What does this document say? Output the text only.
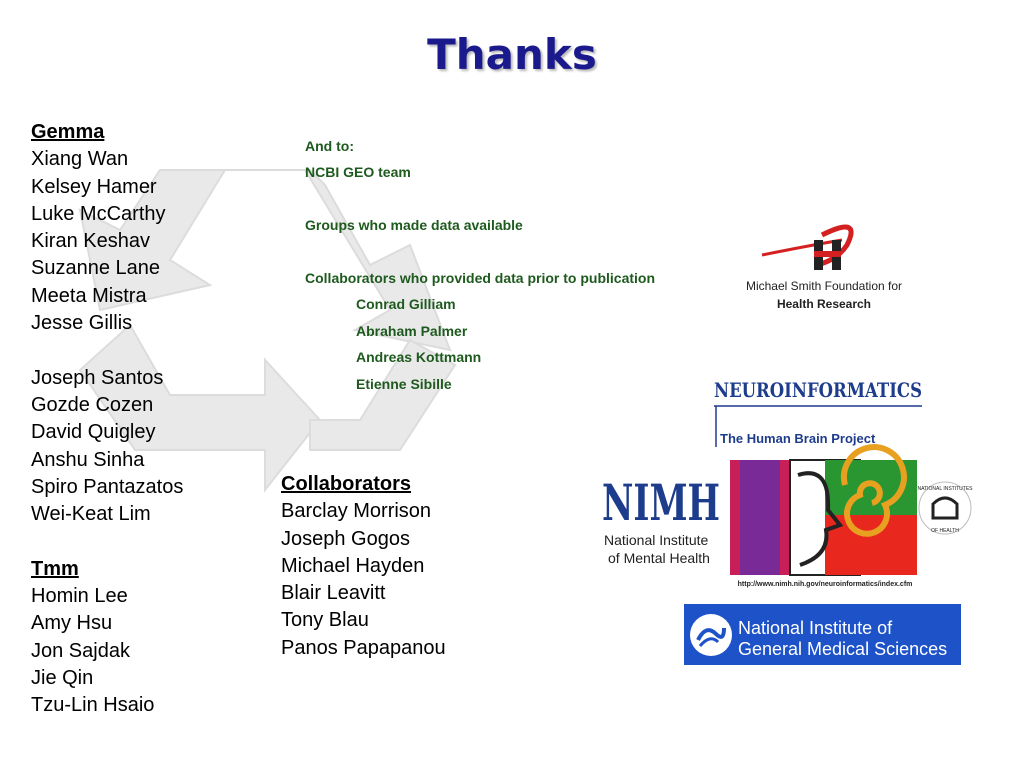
Thanks
Gemma
Xiang Wan
Kelsey Hamer
Luke McCarthy
Kiran Keshav
Suzanne Lane
Meeta Mistra
Jesse Gillis
Joseph Santos
Gozde Cozen
David Quigley
Anshu Sinha
Spiro Pantazatos
Wei-Keat Lim
Tmm
Homin Lee
Amy Hsu
Jon Sajdak
Jie Qin
Tzu-Lin Hsaio
Collaborators
Barclay Morrison
Joseph Gogos
Michael Hayden
Blair Leavitt
Tony Blau
Panos Papapanou
And to:
NCBI GEO team
Groups who made data available
Collaborators who provided data prior to publication
Conrad Gilliam
Abraham Palmer
Andreas Kottmann
Etienne Sibille
Michael Smith Foundation for
Health Research
NEUROINFORMATICS
The Human Brain Project
NIMH
National Institute
of Mental Health
http://www.nimh.nih.gov/neuroinformatics/index.cfm
NATIONAL INSTITUTES
OF HEALTH
National Institute of
General Medical Sciences
